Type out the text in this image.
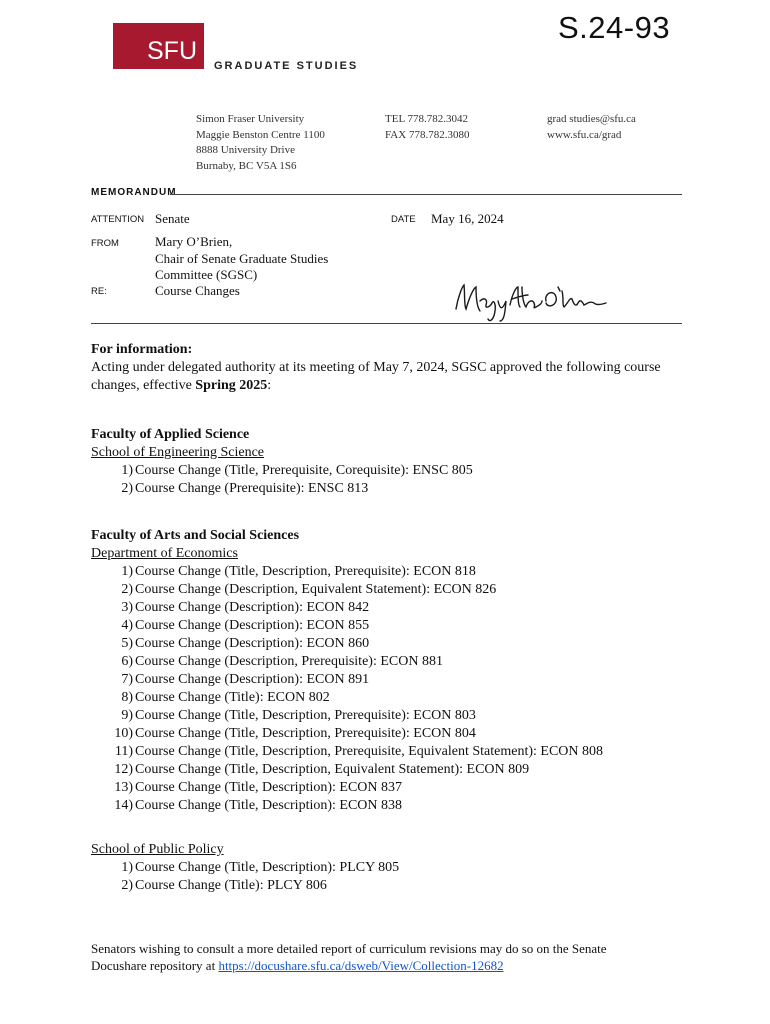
S.24-93
SFU
GRADUATE STUDIES
Simon Fraser University
Maggie Benston Centre 1100
8888 University Drive
Burnaby, BC V5A 1S6
TEL 778.782.3042
FAX 778.782.3080
grad studies@sfu.ca
www.sfu.ca/grad
MEMORANDUM
ATTENTION Senate	DATE May 16, 2024
FROM	Mary O’Brien,
Chair of Senate Graduate Studies
Committee (SGSC)
RE:	Course Changes
For information:
Acting under delegated authority at its meeting of May 7, 2024, SGSC approved the following course changes, effective Spring 2025:
Faculty of Applied Science
School of Engineering Science
1) Course Change (Title, Prerequisite, Corequisite): ENSC 805
2) Course Change (Prerequisite): ENSC 813
Faculty of Arts and Social Sciences
Department of Economics
1) Course Change (Title, Description, Prerequisite): ECON 818
2) Course Change (Description, Equivalent Statement): ECON 826
3) Course Change (Description): ECON 842
4) Course Change (Description): ECON 855
5) Course Change (Description): ECON 860
6) Course Change (Description, Prerequisite): ECON 881
7) Course Change (Description): ECON 891
8) Course Change (Title): ECON 802
9) Course Change (Title, Description, Prerequisite): ECON 803
10) Course Change (Title, Description, Prerequisite): ECON 804
11) Course Change (Title, Description, Prerequisite, Equivalent Statement): ECON 808
12) Course Change (Title, Description, Equivalent Statement): ECON 809
13) Course Change (Title, Description): ECON 837
14) Course Change (Title, Description): ECON 838
School of Public Policy
1) Course Change (Title, Description): PLCY 805
2) Course Change (Title): PLCY 806
Senators wishing to consult a more detailed report of curriculum revisions may do so on the Senate
Docushare repository at https://docushare.sfu.ca/dsweb/View/Collection-12682
